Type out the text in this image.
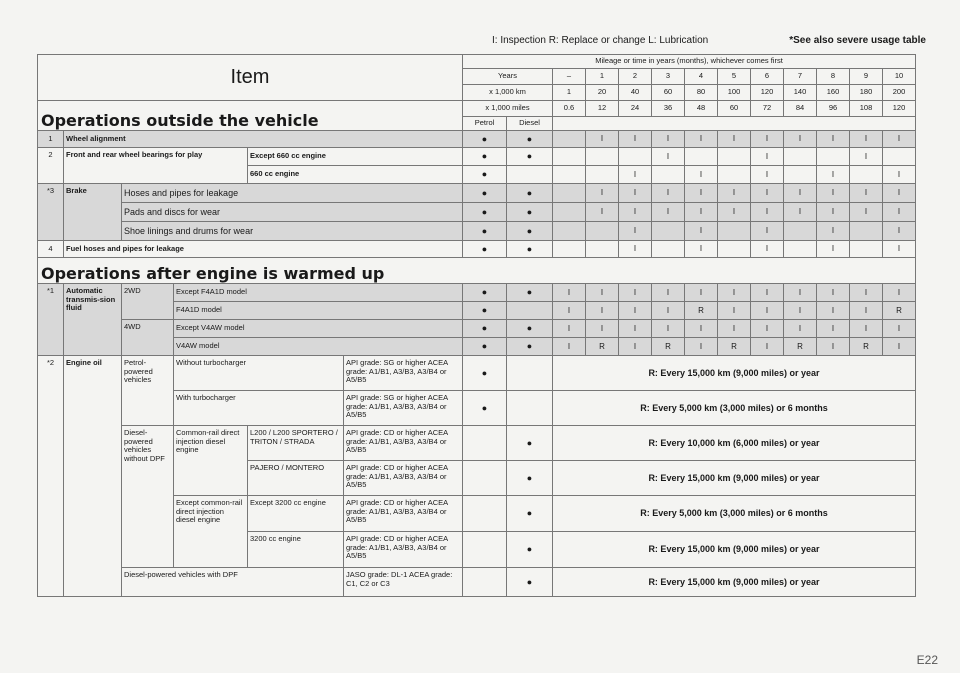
I: Inspection R: Replace or change L: Lubrication	*See also severe usage table
Item						Mileage or time in years (months), whichever comes first												
						Years		–	1	2	3	4	5	6	7	8	9	10
						x 1,000 km		1	20	40	60	80	100	120	140	160	180	200
Operations outside the vehicle						x 1,000 miles		0.6	12	24	36	48	60	72	84	96	108	120
						Petrol	Diesel											
1	Wheel alignment					●	●		I	I	I	I	I	I	I	I	I	I
2	Front and rear wheel bearings for play			Except 660 cc engine		●	●				I			I			I	
				660 cc engine		●				I		I		I		I		I
*3	Brake	Hoses and pipes for leakage				●	●		I	I	I	I	I	I	I	I	I	I
		Pads and discs for wear				●	●		I	I	I	I	I	I	I	I	I	I
		Shoe linings and drums for wear				●	●			I		I		I		I		I
4	Fuel hoses and pipes for leakage					●	●			I		I		I		I		I
Operations after engine is warmed up																		
*1	Automatic transmis-sion fluid	2WD	Except F4A1D model			●	●	I	I	I	I	I	I	I	I	I	I	I
			F4A1D model			●		I	I	I	I	R	I	I	I	I	I	R
		4WD	Except V4AW model			●	●	I	I	I	I	I	I	I	I	I	I	I
			V4AW model			●	●	I	R	I	R	I	R	I	R	I	R	I
*2	Engine oil	Petrol-powered vehicles	Without turbocharger		API grade: SG or higher ACEA grade: A1/B1, A3/B3, A3/B4 or A5/B5	●		R: Every 15,000 km (9,000 miles) or year										
			With turbocharger		API grade: SG or higher ACEA grade: A1/B1, A3/B3, A3/B4 or A5/B5	●		R: Every 5,000 km (3,000 miles) or 6 months										
		Diesel-powered vehicles without DPF	Common-rail direct injection diesel engine	L200 / L200 SPORTERO / TRITON / STRADA	API grade: CD or higher ACEA grade: A1/B1, A3/B3, A3/B4 or A5/B5		●	R: Every 10,000 km (6,000 miles) or year										
				PAJERO / MONTERO	API grade: CD or higher ACEA grade: A1/B1, A3/B3, A3/B4 or A5/B5		●	R: Every 15,000 km (9,000 miles) or year										
			Except common-rail direct injection diesel engine	Except 3200 cc engine	API grade: CD or higher ACEA grade: A1/B1, A3/B3, A3/B4 or A5/B5		●	R: Every 5,000 km (3,000 miles) or 6 months										
				3200 cc engine	API grade: CD or higher ACEA grade: A1/B1, A3/B3, A3/B4 or A5/B5		●	R: Every 15,000 km (9,000 miles) or year										
		Diesel-powered vehicles with DPF			JASO grade: DL-1 ACEA grade: C1, C2 or C3		●	R: Every 15,000 km (9,000 miles) or year										
E22
